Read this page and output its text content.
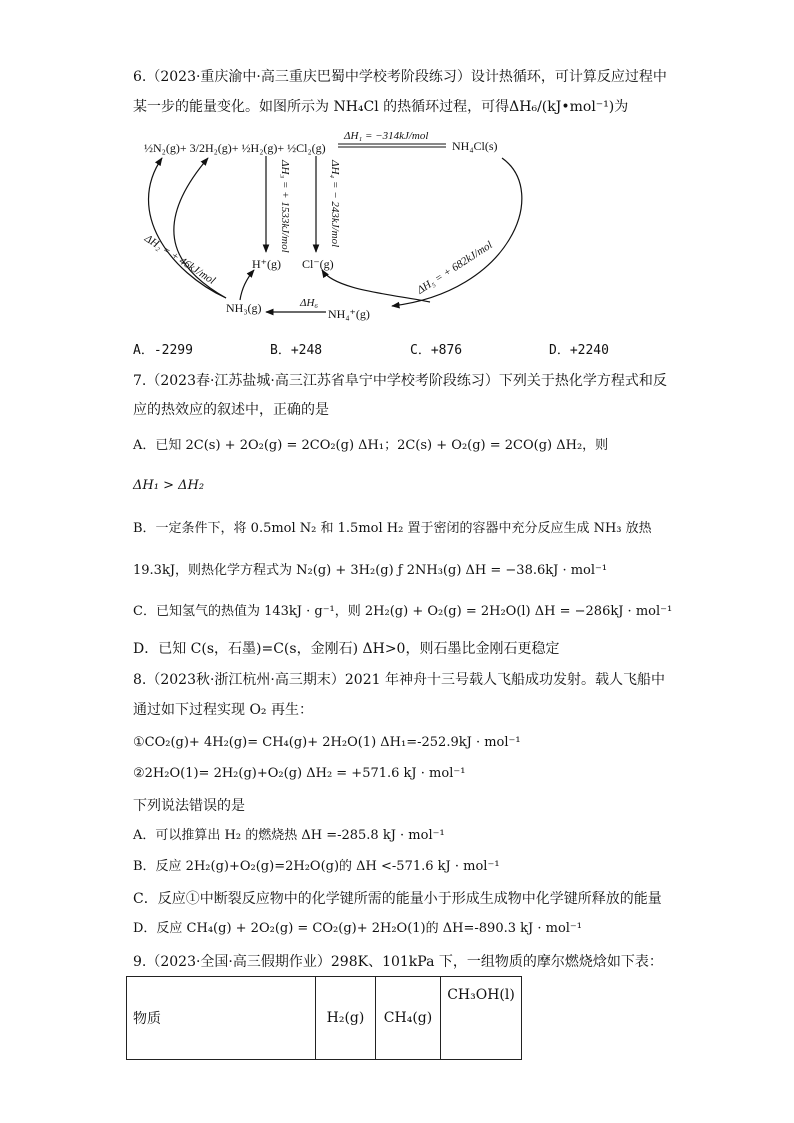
6.（2023·重庆渝中·高三重庆巴蜀中学校考阶段练习）设计热循环，可计算反应过程中
某一步的能量变化。如图所示为 NH₄Cl 的热循环过程，可得ΔH₆/(kJ•mol⁻¹)为
½N₂(g)+ 3/2H₂(g)+ ½H₂(g)+ ½Cl₂(g)
ΔH₁ = −314kJ/mol
NH₄Cl(s)
ΔH₃ = + 1533kJ/mol
H⁺(g)
ΔH₄ = − 243kJ/mol
Cl⁻(g)	ΔH₅ = + 682kJ/mol
NH₄⁺(g)
ΔH₆
NH₃(g)
ΔH₂ = + 46kJ/mol
A．-2299	B．+248	C．+876	D．+2240
7.（2023春·江苏盐城·高三江苏省阜宁中学校考阶段练习）下列关于热化学方程式和反
应的热效应的叙述中，正确的是
A．已知 2C(s) + 2O₂(g) = 2CO₂(g) ΔH₁；2C(s) + O₂(g) = 2CO(g) ΔH₂，则
ΔH₁ > ΔH₂
B．一定条件下，将 0.5mol N₂ 和 1.5mol H₂ 置于密闭的容器中充分反应生成 NH₃ 放热
19.3kJ，则热化学方程式为 N₂(g) + 3H₂(g) ƒ 2NH₃(g) ΔH = −38.6kJ · mol⁻¹
C．已知氢气的热值为 143kJ · g⁻¹，则 2H₂(g) + O₂(g) = 2H₂O(l) ΔH = −286kJ · mol⁻¹
D．已知 C(s，石墨)=C(s，金刚石) ΔH>0，则石墨比金刚石更稳定
8.（2023秋·浙江杭州·高三期末）2021 年神舟十三号载人飞船成功发射。载人飞船中
通过如下过程实现 O₂ 再生：
①CO₂(g)+ 4H₂(g)= CH₄(g)+ 2H₂O(1) ΔH₁=-252.9kJ · mol⁻¹
②2H₂O(1)= 2H₂(g)+O₂(g) ΔH₂ = +571.6 kJ · mol⁻¹
下列说法错误的是
A．可以推算出 H₂ 的燃烧热 ΔH =-285.8 kJ · mol⁻¹
B．反应 2H₂(g)+O₂(g)=2H₂O(g)的 ΔH <-571.6 kJ · mol⁻¹
C．反应①中断裂反应物中的化学键所需的能量小于形成生成物中化学键所释放的能量
D．反应 CH₄(g) + 2O₂(g) = CO₂(g)+ 2H₂O(1)的 ΔH=-890.3 kJ · mol⁻¹
9.（2023·全国·高三假期作业）298K、101kPa 下，一组物质的摩尔燃烧焓如下表：
物质	H₂(g)	CH₄(g)	CH₃OH(l)
